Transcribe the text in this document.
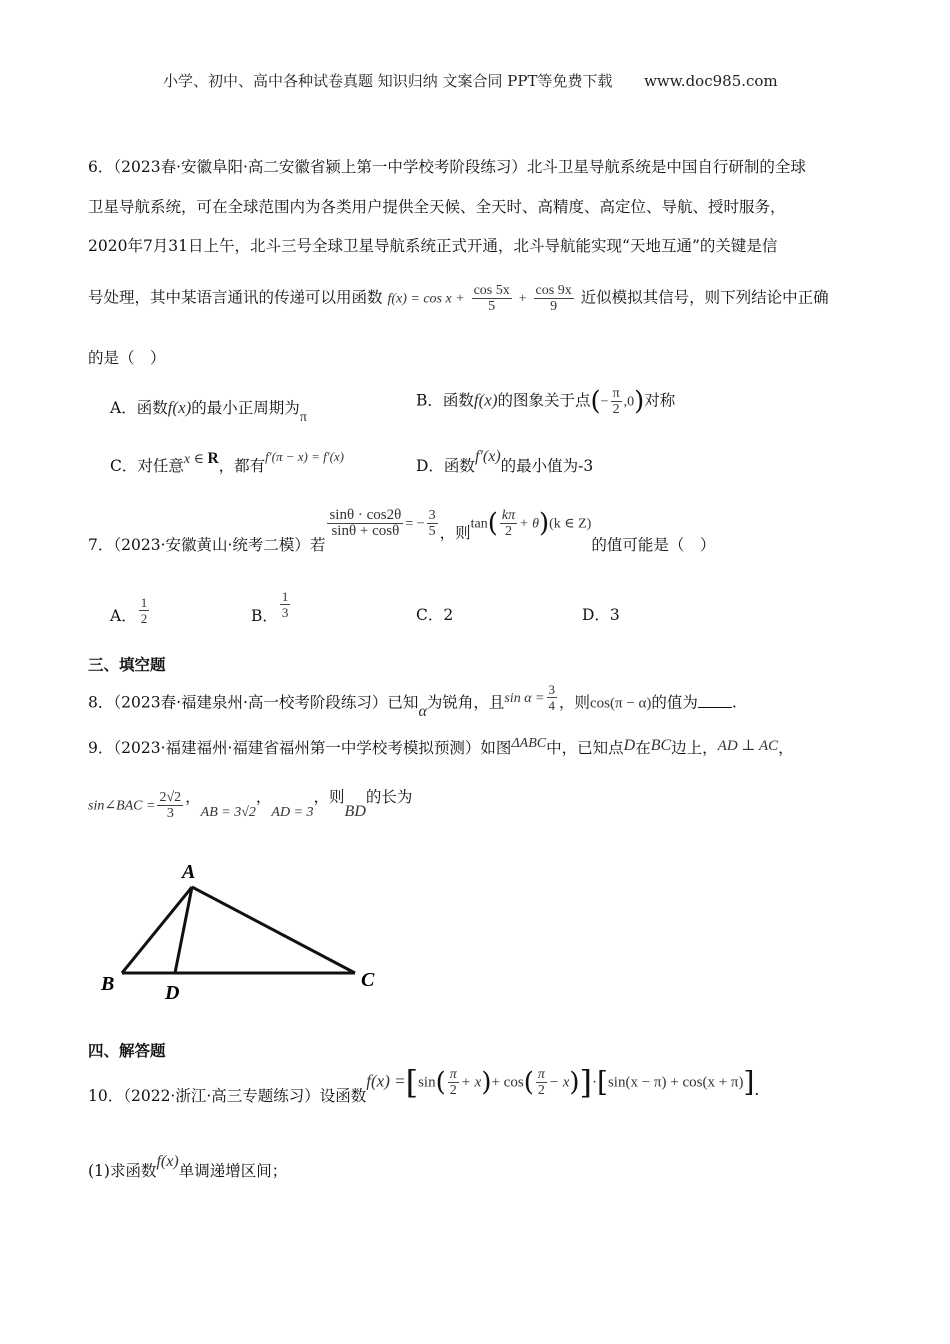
小学、初中、高中各种试卷真题 知识归纳 文案合同 PPT等免费下载 www.doc985.com
6．（2023春·安徽阜阳·高二安徽省颍上第一中学校考阶段练习）北斗卫星导航系统是中国自行研制的全球
卫星导航系统，可在全球范围内为各类用户提供全天候、全天时、高精度、高定位、导航、授时服务，
2020年7月31日上午，北斗三号全球卫星导航系统正式开通，北斗导航能实现“天地互通”的关键是信
号处理，其中某语言通讯的传递可以用函数 $f(x) = \cos x + \frac{\cos 5x}{5} + \frac{\cos 9x}{9}$ 近似模拟其信号，则下列结论中正确
的是（　）
A．函数f(x)的最小正周期为π
B．函数f(x)的图象关于点(− $\frac{\pi}{2} ,0$)对称
C．对任意x ∈ R，都有$^{f'(\pi - x) = f'(x)}$
D．函数f′(x)的最小值为-3
7．（2023·安徽黄山·统考二模）若
$\frac{\sin\theta \cdot \cos 2\theta}{\sin\theta + \cos\theta}$ = − $\frac{3}{5}$ ，则$\tan( \frac{k\pi}{2} + \theta)(k$ ∈ Z)的值可能是（　）
A． $\frac{1}{2}$	B． $\frac{1}{3}$	C．2	D．3
三、填空题
8．（2023春·福建泉州·高一校考阶段练习）已知α为锐角，且$\sin \alpha = \frac{3}{4}$ ，则cos(π − α)的值为 .
9．（2023·福建福州·福建省福州第一中学校考模拟预测）如图ΔABC中，已知点D在BC边上，AD ⊥ AC，
sin∠BAC = $\frac{2√2}{3}$ ，AB = 3√2，AD = 3，则BD的长为
A
B	D
C
四、解答题
10．（2022·浙江·高三专题练习）设函数$f(x) =[\sin( \frac{\pi}{2} + x)+ \cos( \frac{\pi}{2} - x)]\cdot[\sin(x - \pi) + \cos(x + \pi)]$.
(1)求函数f(x)单调递增区间；
